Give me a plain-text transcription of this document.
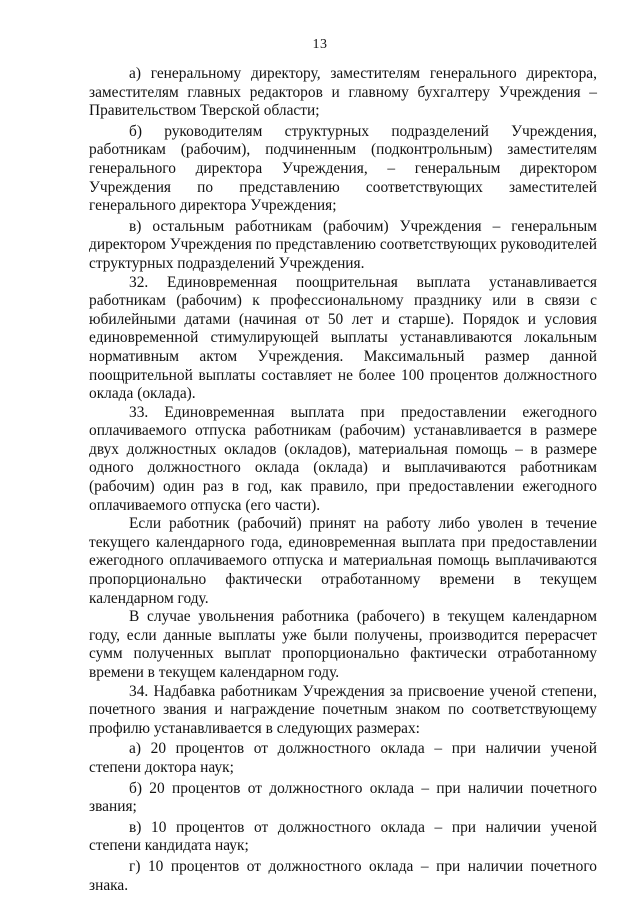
13

а) генеральному директору, заместителям генерального директора, заместителям главных редакторов и главному бухгалтеру Учреждения – Правительством Тверской области;

б) руководителям структурных подразделений Учреждения, работникам (рабочим), подчиненным (подконтрольным) заместителям генерального директора Учреждения, – генеральным директором Учреждения по представлению соответствующих заместителей генерального директора Учреждения;

в) остальным работникам (рабочим) Учреждения – генеральным директором Учреждения по представлению соответствующих руководителей структурных подразделений Учреждения.

32. Единовременная поощрительная выплата устанавливается работникам (рабочим) к профессиональному празднику или в связи с юбилейными датами (начиная от 50 лет и старше). Порядок и условия единовременной стимулирующей выплаты устанавливаются локальным нормативным актом Учреждения. Максимальный размер данной поощрительной выплаты составляет не более 100 процентов должностного оклада (оклада).

33. Единовременная выплата при предоставлении ежегодного оплачиваемого отпуска работникам (рабочим) устанавливается в размере двух должностных окладов (окладов), материальная помощь – в размере одного должностного оклада (оклада) и выплачиваются работникам (рабочим) один раз в год, как правило, при предоставлении ежегодного оплачиваемого отпуска (его части).

Если работник (рабочий) принят на работу либо уволен в течение текущего календарного года, единовременная выплата при предоставлении ежегодного оплачиваемого отпуска и материальная помощь выплачиваются пропорционально фактически отработанному времени в текущем календарном году.

В случае увольнения работника (рабочего) в текущем календарном году, если данные выплаты уже были получены, производится перерасчет сумм полученных выплат пропорционально фактически отработанному времени в текущем календарном году.

34. Надбавка работникам Учреждения за присвоение ученой степени, почетного звания и награждение почетным знаком по соответствующему профилю устанавливается в следующих размерах:

а) 20 процентов от должностного оклада – при наличии ученой степени доктора наук;

б) 20 процентов от должностного оклада – при наличии почетного звания;

в) 10 процентов от должностного оклада – при наличии ученой степени кандидата наук;

г) 10 процентов от должностного оклада – при наличии почетного знака.
